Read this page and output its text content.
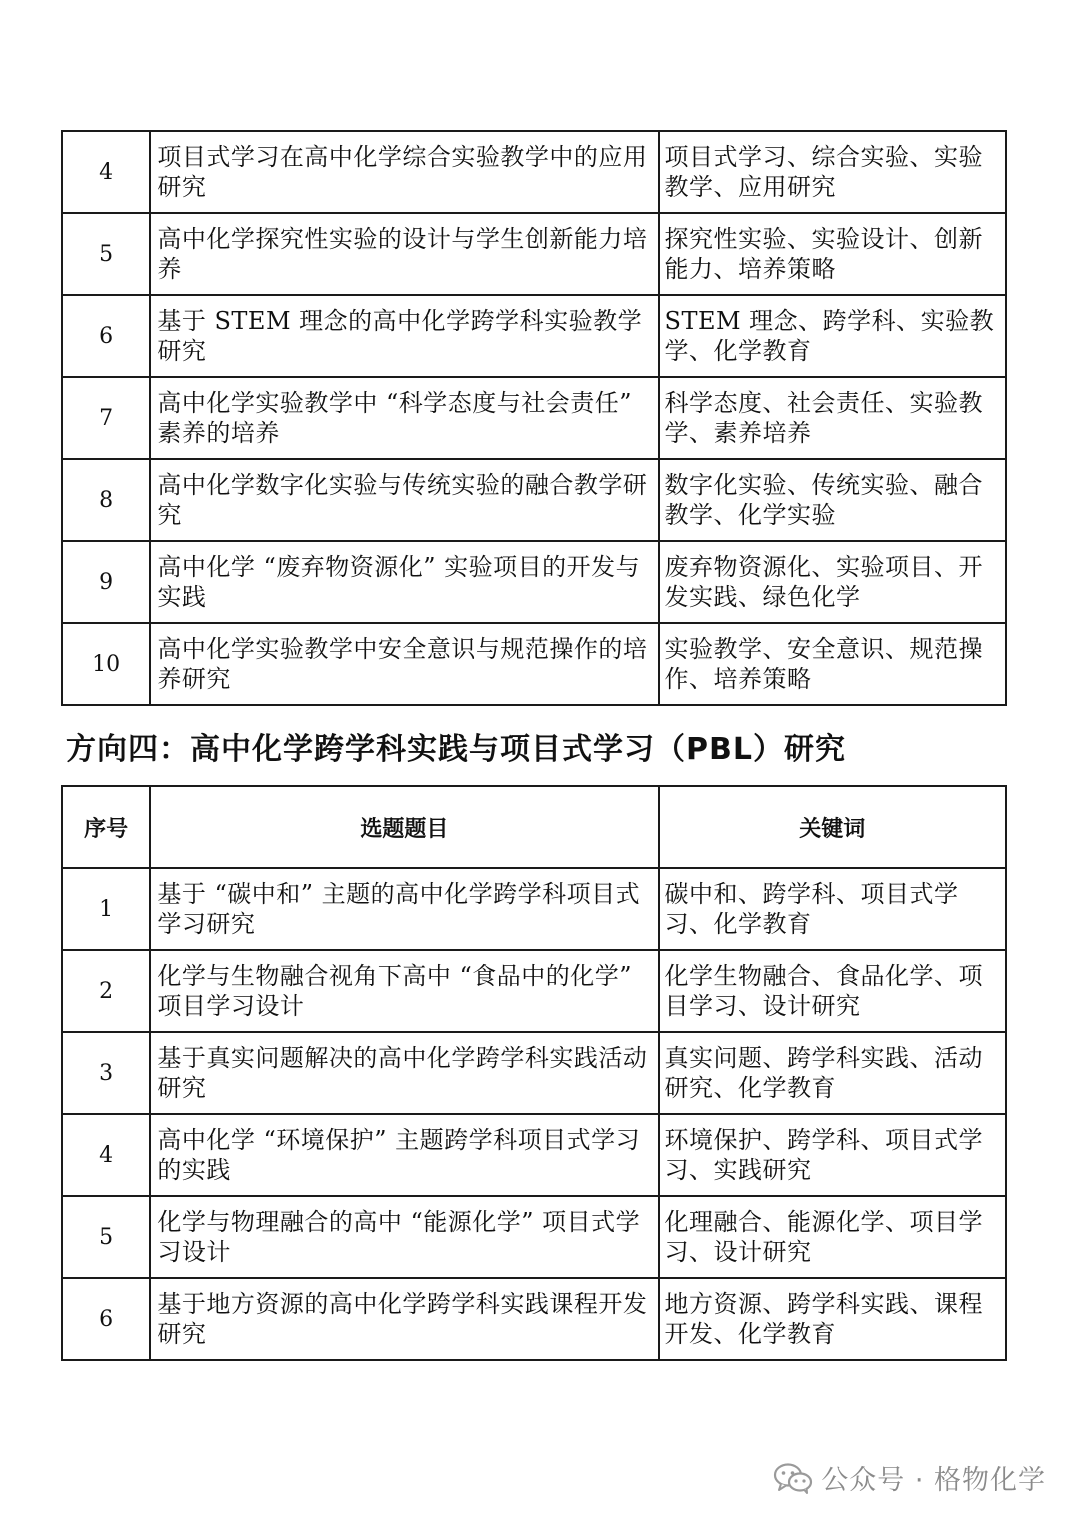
4	项目式学习在高中化学综合实验教学中的应用研究	项目式学习、综合实验、实验教学、应用研究
5	高中化学探究性实验的设计与学生创新能力培养	探究性实验、实验设计、创新能力、培养策略
6	基于 STEM 理念的高中化学跨学科实验教学研究	STEM 理念、跨学科、实验教学、化学教育
7	高中化学实验教学中 “科学态度与社会责任” 素养的培养	科学态度、社会责任、实验教学、素养培养
8	高中化学数字化实验与传统实验的融合教学研究	数字化实验、传统实验、融合教学、化学实验
9	高中化学 “废弃物资源化” 实验项目的开发与实践	废弃物资源化、实验项目、开发实践、绿色化学
10	高中化学实验教学中安全意识与规范操作的培养研究	实验教学、安全意识、规范操作、培养策略
方向四：高中化学跨学科实践与项目式学习（PBL）研究
序号	选题题目	关键词
1	基于 “碳中和” 主题的高中化学跨学科项目式学习研究	碳中和、跨学科、项目式学习、化学教育
2	化学与生物融合视角下高中 “食品中的化学” 项目学习设计	化学生物融合、食品化学、项目学习、设计研究
3	基于真实问题解决的高中化学跨学科实践活动研究	真实问题、跨学科实践、活动研究、化学教育
4	高中化学 “环境保护” 主题跨学科项目式学习的实践	环境保护、跨学科、项目式学习、实践研究
5	化学与物理融合的高中 “能源化学” 项目式学习设计	化理融合、能源化学、项目学习、设计研究
6	基于地方资源的高中化学跨学科实践课程开发研究	地方资源、跨学科实践、课程开发、化学教育
公众号 · 格物化学
